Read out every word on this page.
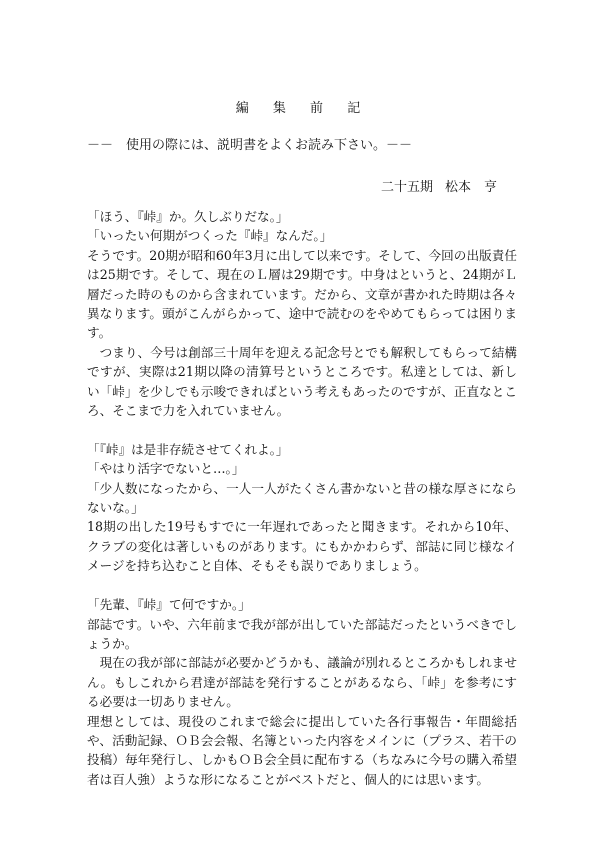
編 集 前 記
－－　使用の際には、説明書をよくお読み下さい。－－
二十五期 松本　亨

「ほう、『峠』か。久しぶりだな。」

「いったい何期がつくった『峠』なんだ。」

そうです。20期が昭和60年3月に出して以来です。そして、今回の出版責任は25期です。そして、現在のＬ層は29期です。中身はというと、24期がＬ層だった時のものから含まれています。だから、文章が書かれた時期は各々異なります。頭がこんがらかって、途中で読むのをやめてもらっては困ります。

つまり、今号は創部三十周年を迎える記念号とでも解釈してもらって結構ですが、実際は21期以降の清算号というところです。私達としては、新しい「峠」を少しでも示唆できればという考えもあったのですが、正直なところ、そこまで力を入れていません。

「『峠』は是非存続させてくれよ。」

「やはり活字でないと…。」

「少人数になったから、一人一人がたくさん書かないと昔の様な厚さにならないな。」

18期の出した19号もすでに一年遅れであったと聞きます。それから10年、クラブの変化は著しいものがあります。にもかかわらず、部誌に同じ様なイメージを持ち込むこと自体、そもそも誤りでありましょう。

「先輩、『峠』て何ですか。」

部誌です。いや、六年前まで我が部が出していた部誌だったというべきでしょうか。

現在の我が部に部誌が必要かどうかも、議論が別れるところかもしれません。もしこれから君達が部誌を発行することがあるなら、「峠」を参考にする必要は一切ありません。

理想としては、現役のこれまで総会に提出していた各行事報告・年間総括や、活動記録、ＯＢ会会報、名簿といった内容をメインに（プラス、若干の投稿）毎年発行し、しかもＯＢ会全員に配布する（ちなみに今号の購入希望者は百人強）ような形になることがベストだと、個人的には思います。
